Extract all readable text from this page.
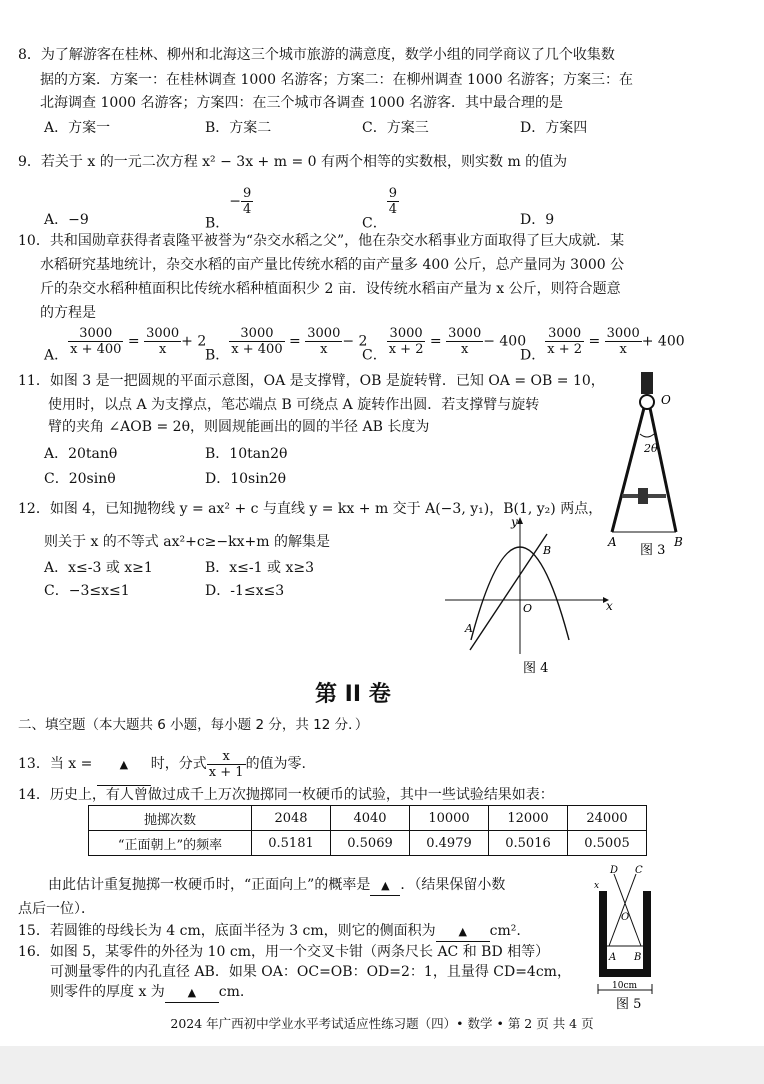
8．为了解游客在桂林、柳州和北海这三个城市旅游的满意度，数学小组的同学商议了几个收集数
据的方案．方案一：在桂林调查 1000 名游客；方案二：在柳州调查 1000 名游客；方案三：在
北海调查 1000 名游客；方案四：在三个城市各调查 1000 名游客．其中最合理的是
A．方案一	B．方案二	C．方案三	D．方案四
9．若关于 x 的一元二次方程 x² − 3x + m = 0 有两个相等的实数根，则实数 m 的值为
A．−9	B．− $\frac{9}{4}$
C．
$\frac{9}{4}$
D．9
10．共和国勋章获得者袁隆平被誉为“杂交水稻之父”，他在杂交水稻事业方面取得了巨大成就．某
水稻研究基地统计，杂交水稻的亩产量比传统水稻的亩产量多 400 公斤，总产量同为 3000 公
斤的杂交水稻种植面积比传统水稻种植面积少 2 亩．设传统水稻亩产量为 x 公斤，则符合题意
的方程是
A． $\frac{3000}{x + 400} = \frac{3000}{x} + 2$
B． $\frac{3000}{x + 400} = \frac{3000}{x} - 2$
C． $\frac{3000}{x + 2} = \frac{3000}{x} - 400$
D． $\frac{3000}{x + 2} = \frac{3000}{x} + 400$
11．如图 3 是一把圆规的平面示意图，OA 是支撑臂，OB 是旋转臂．已知 OA = OB = 10，
使用时，以点 A 为支撑点，笔芯端点 B 可绕点 A 旋转作出圆．若支撑臂与旋转
臂的夹角 ∠AOB = 2θ，则圆规能画出的圆的半径 AB 长度为
A．20tanθ	B．10tan2θ
C．20sinθ	D．10sin2θ
O
2θ
A	B
图 3
12．如图 4，已知抛物线 y = ax² + c 与直线 y = kx + m 交于 A(−3, y₁)，B(1, y₂) 两点，
则关于 x 的不等式 ax²+c≥−kx+m 的解集是
A．x≤-3 或 x≥1	B．x≤-1 或 x≥3
C．−3≤x≤1	D．-1≤x≤3
x
y
O
A
B
图 4
第 II 卷
二、填空题（本大题共 6 小题，每小题 2 分，共 12 分．）
13．当 x = ▲ 时，分式 $\frac{x}{x + 1}$ 的值为零.
14．历史上，有人曾做过成千上万次抛掷同一枚硬币的试验，其中一些试验结果如表：
抛掷次数	2048	4040	10000	12000	24000
“正面朝上”的频率	0.5181	0.5069	0.4979	0.5016	0.5005
由此估计重复抛掷一枚硬币时，“正面向上”的概率是 ▲ ．（结果保留小数
点后一位）．
15．若圆锥的母线长为 4 cm，底面半径为 3 cm，则它的侧面积为 ▲ cm².
16．如图 5，某零件的外径为 10 cm，用一个交叉卡钳（两条尺长 AC 和 BD 相等）
可测量零件的内孔直径 AB．如果 OA：OC=OB：OD=2：1，且量得 CD=4cm，
则零件的厚度 x 为 ▲ cm.
x
D C
O
A B
10cm
图 5
2024 年广西初中学业水平考试适应性练习题（四）• 数学 • 第 2 页 共 4 页
